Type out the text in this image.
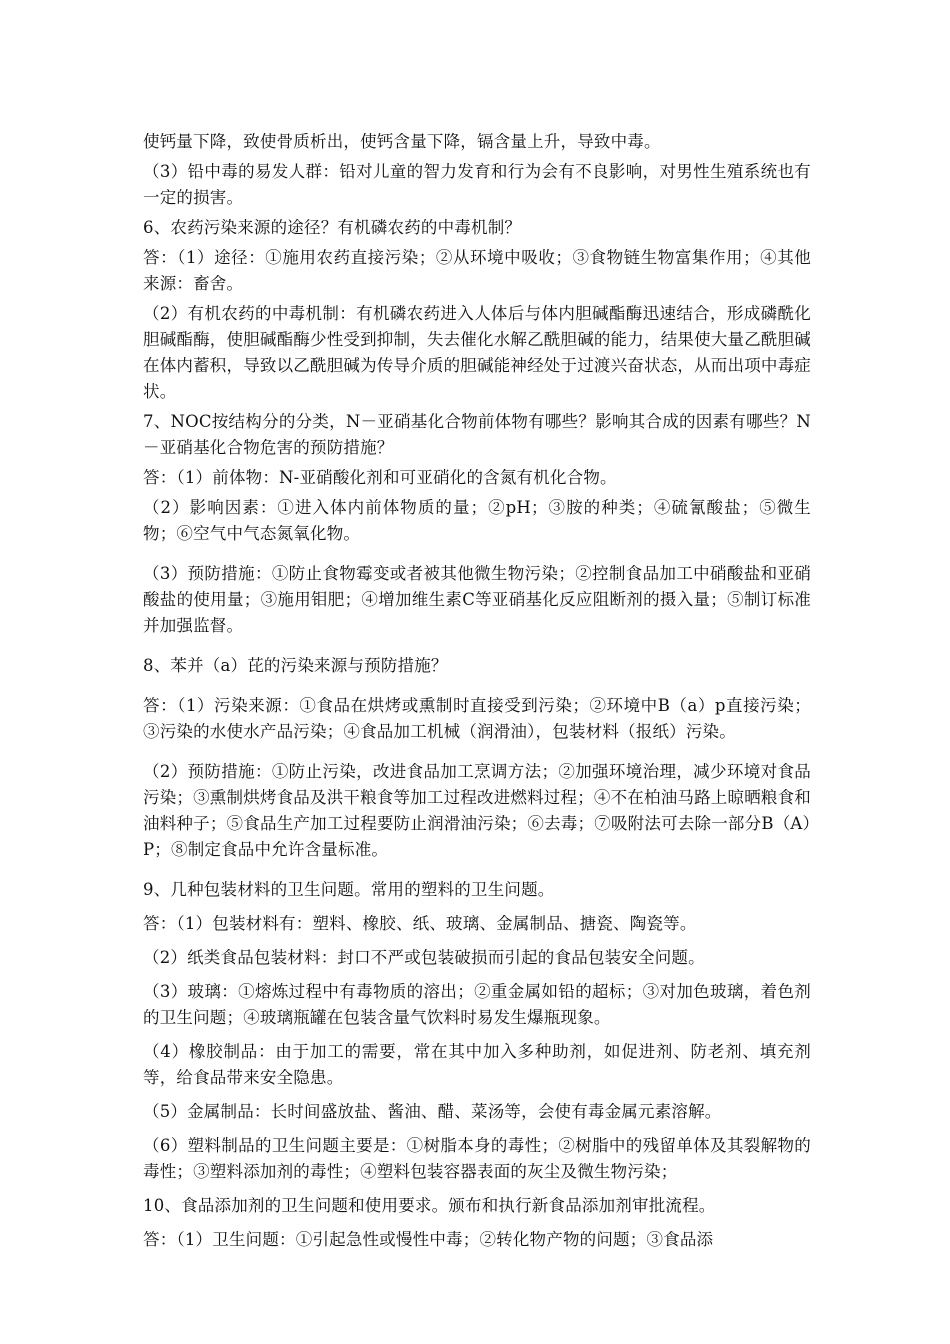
使钙量下降，致使骨质析出，使钙含量下降，镉含量上升，导致中毒。

（3）铅中毒的易发人群：铅对儿童的智力发育和行为会有不良影响，对男性生殖系统也有一定的损害。

6、农药污染来源的途径？有机磷农药的中毒机制？

答：（1）途径：①施用农药直接污染；②从环境中吸收；③食物链生物富集作用；④其他来源：畜舍。

（2）有机农药的中毒机制：有机磷农药进入人体后与体内胆碱酯酶迅速结合，形成磷酰化胆碱酯酶，使胆碱酯酶少性受到抑制，失去催化水解乙酰胆碱的能力，结果使大量乙酰胆碱在体内蓄积，导致以乙酰胆碱为传导介质的胆碱能神经处于过渡兴奋状态，从而出项中毒症状。

7、NOC按结构分的分类，N－亚硝基化合物前体物有哪些？影响其合成的因素有哪些？N－亚硝基化合物危害的预防措施？

答：（1）前体物：N-亚硝酸化剂和可亚硝化的含氮有机化合物。

（2）影响因素：①进入体内前体物质的量；②pH；③胺的种类；④硫氰酸盐；⑤微生物；⑥空气中气态氮氧化物。

（3）预防措施：①防止食物霉变或者被其他微生物污染；②控制食品加工中硝酸盐和亚硝酸盐的使用量；③施用钼肥；④增加维生素C等亚硝基化反应阻断剂的摄入量；⑤制订标准并加强监督。

8、苯并（a）芘的污染来源与预防措施？

答：（1）污染来源：①食品在烘烤或熏制时直接受到污染；②环境中B（a）p直接污染；③污染的水使水产品污染；④食品加工机械（润滑油），包装材料（报纸）污染。

（2）预防措施：①防止污染，改进食品加工烹调方法；②加强环境治理，减少环境对食品污染；③熏制烘烤食品及洪干粮食等加工过程改进燃料过程；④不在柏油马路上晾晒粮食和油料种子；⑤食品生产加工过程要防止润滑油污染；⑥去毒；⑦吸附法可去除一部分B（A）P；⑧制定食品中允许含量标准。

9、几种包装材料的卫生问题。常用的塑料的卫生问题。

答：（1）包装材料有：塑料、橡胶、纸、玻璃、金属制品、搪瓷、陶瓷等。

（2）纸类食品包装材料：封口不严或包装破损而引起的食品包装安全问题。

（3）玻璃：①熔炼过程中有毒物质的溶出；②重金属如铅的超标；③对加色玻璃，着色剂的卫生问题；④玻璃瓶罐在包装含量气饮料时易发生爆瓶现象。

（4）橡胶制品：由于加工的需要，常在其中加入多种助剂，如促进剂、防老剂、填充剂等，给食品带来安全隐患。

（5）金属制品：长时间盛放盐、酱油、醋、菜汤等，会使有毒金属元素溶解。

（6）塑料制品的卫生问题主要是：①树脂本身的毒性；②树脂中的残留单体及其裂解物的毒性；③塑料添加剂的毒性；④塑料包装容器表面的灰尘及微生物污染；

10、食品添加剂的卫生问题和使用要求。颁布和执行新食品添加剂审批流程。

答：（1）卫生问题：①引起急性或慢性中毒；②转化物产物的问题；③食品添
